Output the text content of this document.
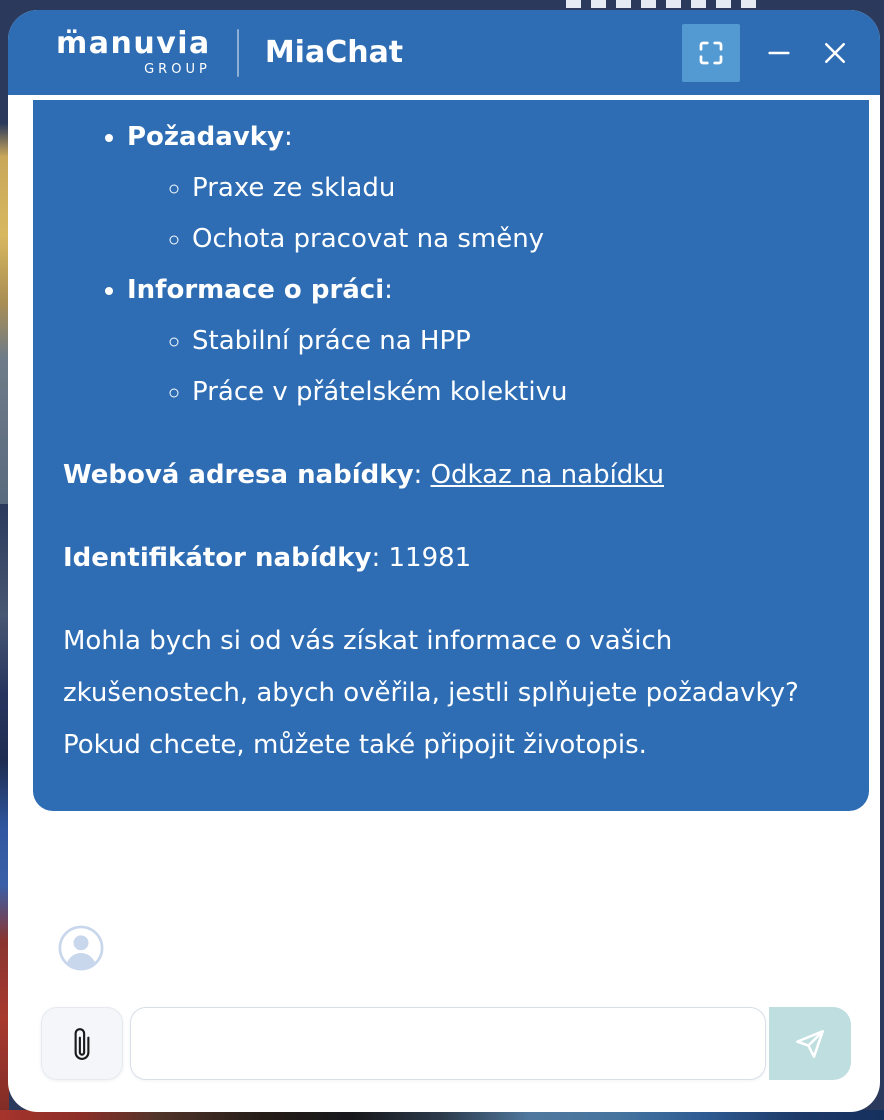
m̈anuvia
GROUP MiaChat
• Požadavky:
◦ Praxe ze skladu
◦ Ochota pracovat na směny
• Informace o práci:
◦ Stabilní práce na HPP
◦ Práce v přátelském kolektivu

Webová adresa nabídky: Odkaz na nabídku

Identifikátor nabídky: 11981

Mohla bych si od vás získat informace o vašich zkušenostech, abych ověřila, jestli splňujete požadavky? Pokud chcete, můžete také připojit životopis.
